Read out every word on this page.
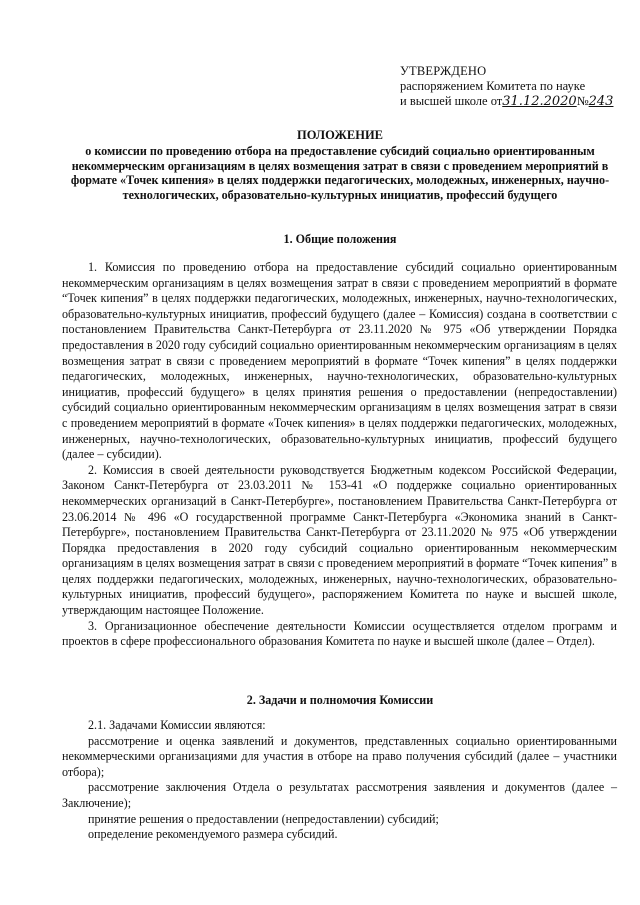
УТВЕРЖДЕНО
распоряжением Комитета по науке
и высшей школе от31.12.2020№243
ПОЛОЖЕНИЕ
о комиссии по проведению отбора на предоставление субсидий социально ориентированным некоммерческим организациям в целях возмещения затрат в связи с проведением мероприятий в формате «Точек кипения» в целях поддержки педагогических, молодежных, инженерных, научно-технологических, образовательно-культурных инициатив, профессий будущего
1. Общие положения

1. Комиссия по проведению отбора на предоставление субсидий социально ориентированным некоммерческим организациям в целях возмещения затрат в связи с проведением мероприятий в формате “Точек кипения” в целях поддержки педагогических, молодежных, инженерных, научно-технологических, образовательно-культурных инициатив, профессий будущего (далее – Комиссия) создана в соответствии с постановлением Правительства Санкт-Петербурга от 23.11.2020 № 975 «Об утверждении Порядка предоставления в 2020 году субсидий социально ориентированным некоммерческим организациям в целях возмещения затрат в связи с проведением мероприятий в формате “Точек кипения” в целях поддержки педагогических, молодежных, инженерных, научно-технологических, образовательно-культурных инициатив, профессий будущего» в целях принятия решения о предоставлении (непредоставлении) субсидий социально ориентированным некоммерческим организациям в целях возмещения затрат в связи с проведением мероприятий в формате «Точек кипения» в целях поддержки педагогических, молодежных, инженерных, научно-технологических, образовательно-культурных инициатив, профессий будущего (далее – субсидии).

2. Комиссия в своей деятельности руководствуется Бюджетным кодексом Российской Федерации, Законом Санкт-Петербурга от 23.03.2011 № 153-41 «О поддержке социально ориентированных некоммерческих организаций в Санкт-Петербурге», постановлением Правительства Санкт-Петербурга от 23.06.2014 № 496 «О государственной программе Санкт-Петербурга «Экономика знаний в Санкт-Петербурге», постановлением Правительства Санкт-Петербурга от 23.11.2020 № 975 «Об утверждении Порядка предоставления в 2020 году субсидий социально ориентированным некоммерческим организациям в целях возмещения затрат в связи с проведением мероприятий в формате “Точек кипения” в целях поддержки педагогических, молодежных, инженерных, научно-технологических, образовательно-культурных инициатив, профессий будущего», распоряжением Комитета по науке и высшей школе, утверждающим настоящее Положение.

3. Организационное обеспечение деятельности Комиссии осуществляется отделом программ и проектов в сфере профессионального образования Комитета по науке и высшей школе (далее – Отдел).

2. Задачи и полномочия Комиссии

2.1. Задачами Комиссии являются:

рассмотрение и оценка заявлений и документов, представленных социально ориентированными некоммерческими организациями для участия в отборе на право получения субсидий (далее – участники отбора);

рассмотрение заключения Отдела о результатах рассмотрения заявления и документов (далее – Заключение);

принятие решения о предоставлении (непредоставлении) субсидий;

определение рекомендуемого размера субсидий.
